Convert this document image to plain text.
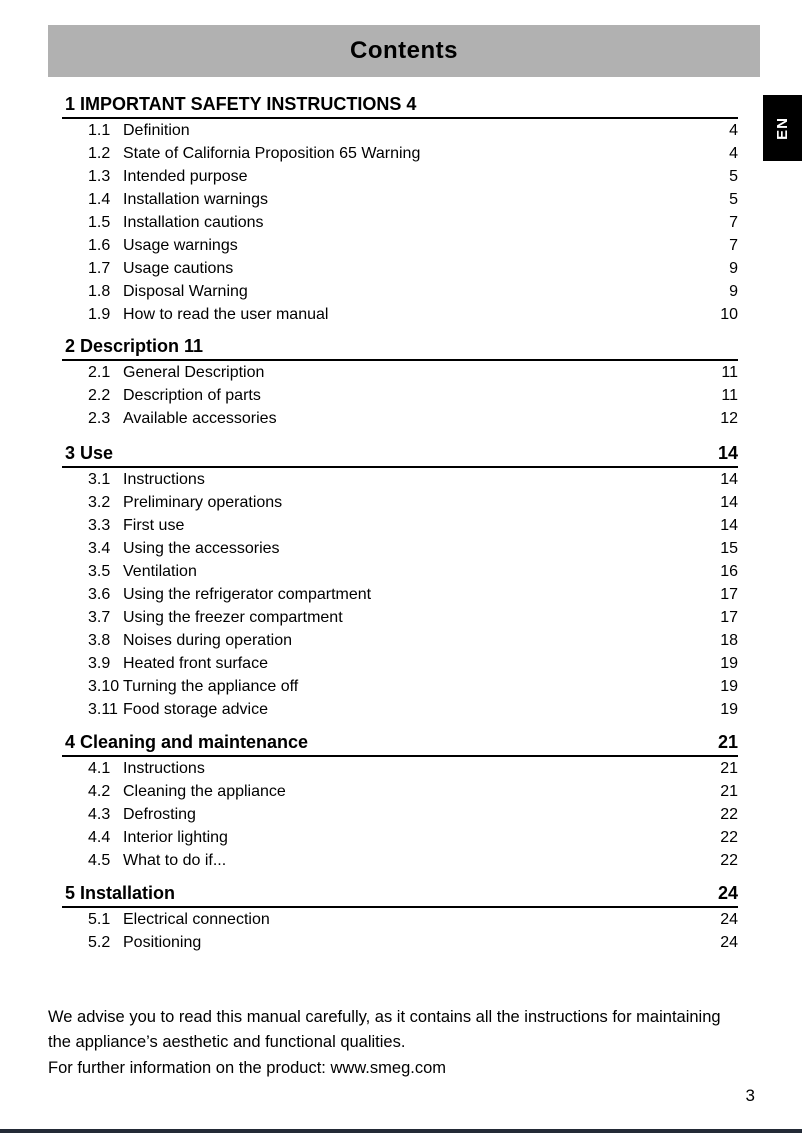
Contents
EN
1 IMPORTANT SAFETY INSTRUCTIONS 4
1.1 Definition	4
1.2 State of California Proposition 65 Warning	4
1.3 Intended purpose	5
1.4 Installation warnings	5
1.5 Installation cautions	7
1.6 Usage warnings	7
1.7 Usage cautions	9
1.8 Disposal Warning	9
1.9 How to read the user manual	10
2 Description 11
2.1 General Description	11
2.2 Description of parts	11
2.3 Available accessories	12
3 Use	14
3.1 Instructions	14
3.2 Preliminary operations	14
3.3 First use	14
3.4 Using the accessories	15
3.5 Ventilation	16
3.6 Using the refrigerator compartment	17
3.7 Using the freezer compartment	17
3.8 Noises during operation	18
3.9 Heated front surface	19
3.10 Turning the appliance off	19
3.11 Food storage advice	19
4 Cleaning and maintenance	21
4.1 Instructions	21
4.2 Cleaning the appliance	21
4.3 Defrosting	22
4.4 Interior lighting	22
4.5 What to do if...	22
5 Installation	24
5.1 Electrical connection	24
5.2 Positioning	24
We advise you to read this manual carefully, as it contains all the instructions for maintaining
the appliance’s aesthetic and functional qualities.
For further information on the product: www.smeg.com
3
